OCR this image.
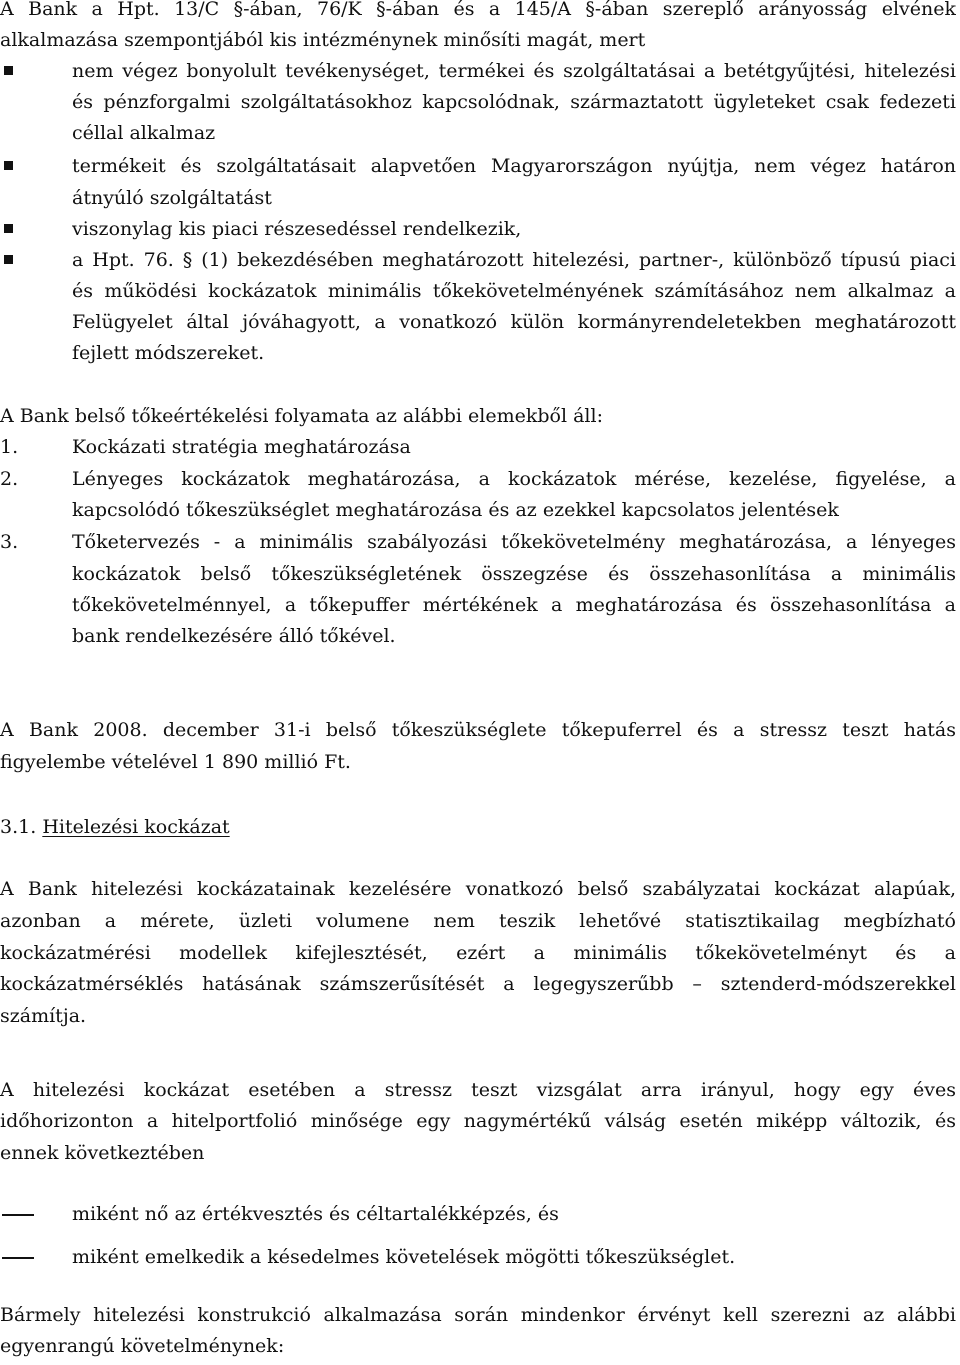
A Bank a Hpt. 13/C §-ában, 76/K §-ában és a 145/A §-ában szereplő arányosság elvének
alkalmazása szempontjából kis intézménynek minősíti magát, mert
nem végez bonyolult tevékenységet, termékei és szolgáltatásai a betétgyűjtési, hitelezési
és pénzforgalmi szolgáltatásokhoz kapcsolódnak, származtatott ügyleteket csak fedezeti
céllal alkalmaz
termékeit és szolgáltatásait alapvetően Magyarországon nyújtja, nem végez határon
átnyúló szolgáltatást
viszonylag kis piaci részesedéssel rendelkezik,
a Hpt. 76. § (1) bekezdésében meghatározott hitelezési, partner-, különböző típusú piaci
és működési kockázatok minimális tőkekövetelményének számításához nem alkalmaz a
Felügyelet által jóváhagyott, a vonatkozó külön kormányrendeletekben meghatározott
fejlett módszereket.
A Bank belső tőkeértékelési folyamata az alábbi elemekből áll:
1.	Kockázati stratégia meghatározása
2.	Lényeges kockázatok meghatározása, a kockázatok mérése, kezelése, figyelése, a
kapcsolódó tőkeszükséglet meghatározása és az ezekkel kapcsolatos jelentések
3.	Tőketervezés - a minimális szabályozási tőkekövetelmény meghatározása, a lényeges
kockázatok belső tőkeszükségletének összegzése és összehasonlítása a minimális
tőkekövetelménnyel, a tőkepuffer mértékének a meghatározása és összehasonlítása a
bank rendelkezésére álló tőkével.
A Bank 2008. december 31-i belső tőkeszükséglete tőkepuferrel és a stressz teszt hatás
figyelembe vételével 1 890 millió Ft.
3.1. Hitelezési kockázat
A Bank hitelezési kockázatainak kezelésére vonatkozó belső szabályzatai kockázat alapúak,
azonban a mérete, üzleti volumene nem teszik lehetővé statisztikailag megbízható
kockázatmérési modellek kifejlesztését, ezért a minimális tőkekövetelményt és a
kockázatmérséklés hatásának számszerűsítését a legegyszerűbb – sztenderd-módszerekkel
számítja.
A hitelezési kockázat esetében a stressz teszt vizsgálat arra irányul, hogy egy éves
időhorizonton a hitelportfolió minősége egy nagymértékű válság esetén miképp változik, és
ennek következtében
miként nő az értékvesztés és céltartalékképzés, és
miként emelkedik a késedelmes követelések mögötti tőkeszükséglet.
Bármely hitelezési konstrukció alkalmazása során mindenkor érvényt kell szerezni az alábbi
egyenrangú követelménynek:
